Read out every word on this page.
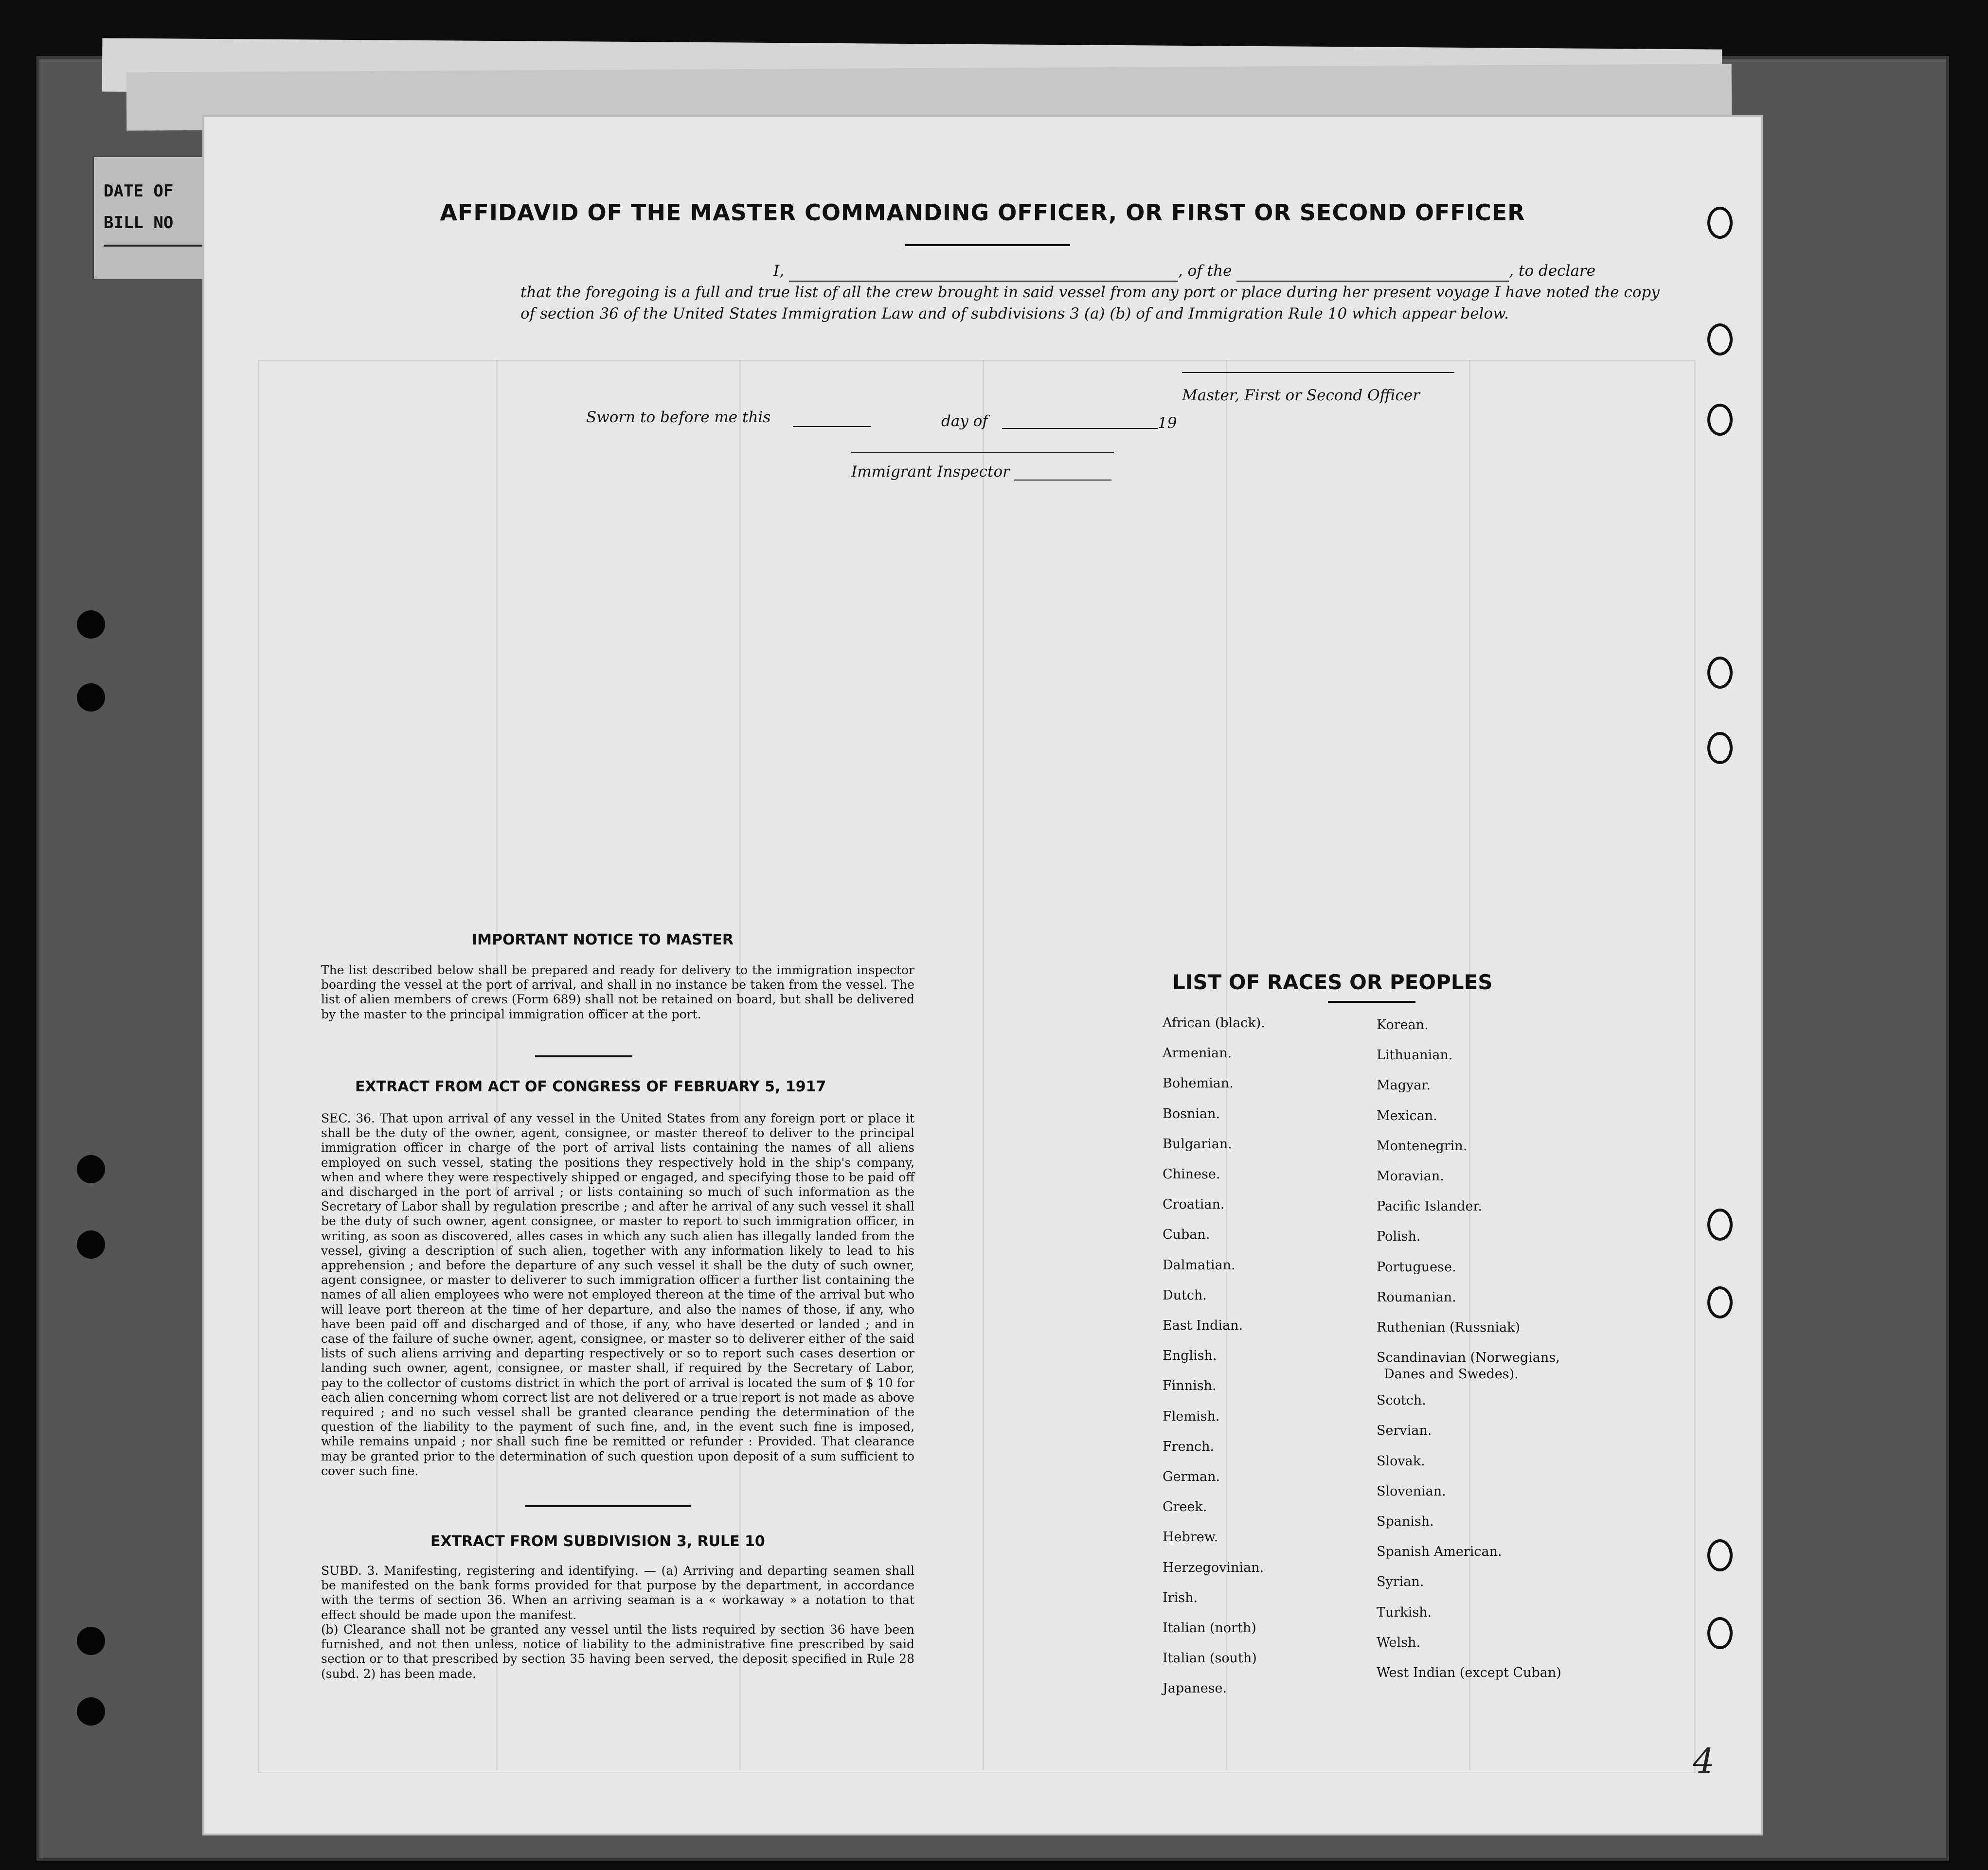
DATE OF
BILL NO	AFFIDAVID OF THE MASTER COMMANDING OFFICER, OR FIRST OR SECOND OFFICER
I,	, of the	, to declare
that the foregoing is a full and true list of all the crew brought in said vessel from any port or place during her present voyage I have noted the copy of section 36 of the United States Immigration Law and of subdivisions 3 (a) (b) of and Immigration Rule 10 which appear below.
Master, First or Second Officer
Sworn to before me this	day of	19
Immigrant Inspector
IMPORTANT NOTICE TO MASTER
The list described below shall be prepared and ready for delivery to the immigration inspector boarding the vessel at the port of arrival, and shall in no instance be taken from the vessel. The list of alien members of crews (Form 689) shall not be retained on board, but shall be delivered by the master to the principal immigration officer at the port.
EXTRACT FROM ACT OF CONGRESS OF FEBRUARY 5, 1917
SEC. 36. That upon arrival of any vessel in the United States from any foreign port or place it shall be the duty of the owner, agent, consignee, or master thereof to deliver to the principal immigration officer in charge of the port of arrival lists containing the names of all aliens employed on such vessel, stating the positions they respectively hold in the ship's company, when and where they were respectively shipped or engaged, and specifying those to be paid off and discharged in the port of arrival ; or lists containing so much of such information as the Secretary of Labor shall by regulation prescribe ; and after he arrival of any such vessel it shall be the duty of such owner, agent consignee, or master to report to such immigration officer, in writing, as soon as discovered, alles cases in which any such alien has illegally landed from the vessel, giving a description of such alien, together with any information likely to lead to his apprehension ; and before the departure of any such vessel it shall be the duty of such owner, agent consignee, or master to deliverer to such immigration officer a further list containing the names of all alien employees who were not employed thereon at the time of the arrival but who will leave port thereon at the time of her departure, and also the names of those, if any, who have been paid off and discharged and of those, if any, who have deserted or landed ; and in case of the failure of suche owner, agent, consignee, or master so to deliverer either of the said lists of such aliens arriving and departing respectively or so to report such cases desertion or landing such owner, agent, consignee, or master shall, if required by the Secretary of Labor, pay to the collector of customs district in which the port of arrival is located the sum of $ 10 for each alien concerning whom correct list are not delivered or a true report is not made as above required ; and no such vessel shall be granted clearance pending the determination of the question of the liability to the payment of such fine, and, in the event such fine is imposed, while remains unpaid ; nor shall such fine be remitted or refunder : Provided. That clearance may be granted prior to the determination of such question upon deposit of a sum sufficient to cover such fine.
EXTRACT FROM SUBDIVISION 3, RULE 10
SUBD. 3. Manifesting, registering and identifying. — (a) Arriving and departing seamen shall be manifested on the bank forms provided for that purpose by the department, in accordance with the terms of section 36. When an arriving seaman is a « workaway » a notation to that effect should be made upon the manifest.
(b) Clearance shall not be granted any vessel until the lists required by section 36 have been furnished, and not then unless, notice of liability to the administrative fine prescribed by said section or to that prescribed by section 35 having been served, the deposit specified in Rule 28 (subd. 2) has been made.
LIST OF RACES OR PEOPLES
African (black).
Armenian.
Bohemian.
Bosnian.
Bulgarian.
Chinese.
Croatian.
Cuban.
Dalmatian.
Dutch.
East Indian.
English.
Finnish.
Flemish.
French.
German.
Greek.
Hebrew.
Herzegovinian.
Irish.
Italian (north)
Italian (south)
Japanese.
Korean.
Lithuanian.
Magyar.
Mexican.
Montenegrin.
Moravian.
Pacific Islander.
Polish.
Portuguese.
Roumanian.
Ruthenian (Russniak)
Scandinavian (Norwegians,
Danes and Swedes).
Scotch.
Servian.
Slovak.
Slovenian.
Spanish.
Spanish American.
Syrian.
Turkish.
Welsh.
West Indian (except Cuban)
4
